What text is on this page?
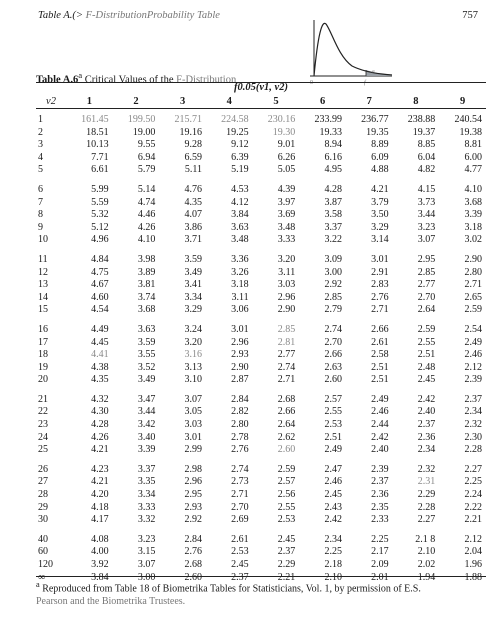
Table A.(> F-DistributionProbability Table	757
0	f
α
Table A.6$^a$ Critical Values of the F-Distribution
f0.05(v1, v2)
v2	1	2	3	4	5	6	7	8	9
1	161.45	199.50	215.71	224.58	230.16	233.99	236.77	238.88	240.54
2	18.51	19.00	19.16	19.25	19.30	19.33	19.35	19.37	19.38
3	10.13	9.55	9.28	9.12	9.01	8.94	8.89	8.85	8.81
4	7.71	6.94	6.59	6.39	6.26	6.16	6.09	6.04	6.00
5	6.61	5.79	5.11	5.19	5.05	4.95	4.88	4.82	4.77
6	5.99	5.14	4.76	4.53	4.39	4.28	4.21	4.15	4.10
7	5.59	4.74	4.35	4.12	3.97	3.87	3.79	3.73	3.68
8	5.32	4.46	4.07	3.84	3.69	3.58	3.50	3.44	3.39
9	5.12	4.26	3.86	3.63	3.48	3.37	3.29	3.23	3.18
10	4.96	4.10	3.71	3.48	3.33	3.22	3.14	3.07	3.02
11	4.84	3.98	3.59	3.36	3.20	3.09	3.01	2.95	2.90
12	4.75	3.89	3.49	3.26	3.11	3.00	2.91	2.85	2.80
13	4.67	3.81	3.41	3.18	3.03	2.92	2.83	2.77	2.71
14	4.60	3.74	3.34	3.11	2.96	2.85	2.76	2.70	2.65
15	4.54	3.68	3.29	3.06	2.90	2.79	2.71	2.64	2.59
16	4.49	3.63	3.24	3.01	2.85	2.74	2.66	2.59	2.54
17	4.45	3.59	3.20	2.96	2.81	2.70	2.61	2.55	2.49
18	4.41	3.55	3.16	2.93	2.77	2.66	2.58	2.51	2.46
19	4.38	3.52	3.13	2.90	2.74	2.63	2.51	2.48	2.12
20	4.35	3.49	3.10	2.87	2.71	2.60	2.51	2.45	2.39
21	4.32	3.47	3.07	2.84	2.68	2.57	2.49	2.42	2.37
22	4.30	3.44	3.05	2.82	2.66	2.55	2.46	2.40	2.34
23	4.28	3.42	3.03	2.80	2.64	2.53	2.44	2.37	2.32
24	4.26	3.40	3.01	2.78	2.62	2.51	2.42	2.36	2.30
25	4.21	3.39	2.99	2.76	2.60	2.49	2.40	2.34	2.28
26	4.23	3.37	2.98	2.74	2.59	2.47	2.39	2.32	2.27
27	4.21	3.35	2.96	2.73	2.57	2.46	2.37	2.31	2.25
28	4.20	3.34	2.95	2.71	2.56	2.45	2.36	2.29	2.24
29	4.18	3.33	2.93	2.70	2.55	2.43	2.35	2.28	2.22
30	4.17	3.32	2.92	2.69	2.53	2.42	2.33	2.27	2.21
40	4.08	3.23	2.84	2.61	2.45	2.34	2.25	2.1 8	2.12
60	4.00	3.15	2.76	2.53	2.37	2.25	2.17	2.10	2.04
120	3.92	3.07	2.68	2.45	2.29	2.18	2.09	2.02	1.96
∞	3.84	3.00	2.60	2.37	2.21	2.10	2.01	1.94	1.88
$^a$ Reproduced from Table 18 of Biometrika Tables for Statisticians, Vol. 1, by permission of E.S.
Pearson and the Biometrika Trustees.
